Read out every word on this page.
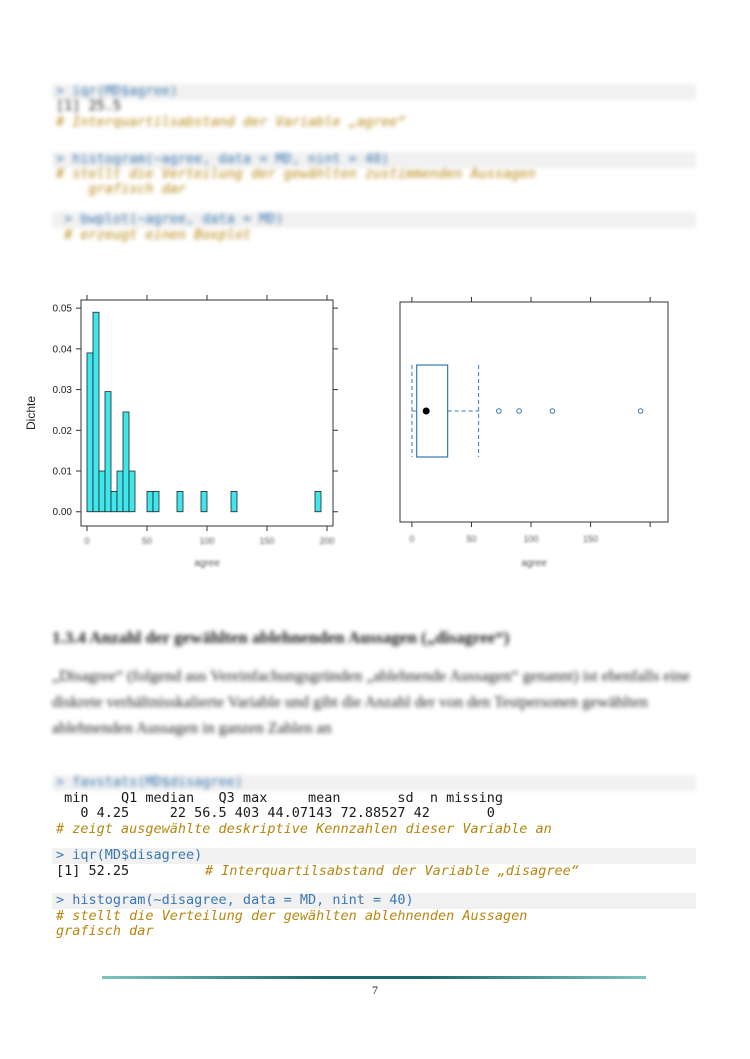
> iqr(MD$agree)
[1] 25.5
# Interquartilsabstand der Variable „agree“
> histogram(~agree, data = MD, nint = 40)
# stellt die Verteilung der gewählten zustimmenden Aussagen
grafisch dar
> bwplot(~agree, data = MD)
# erzeugt einen Boxplot
0.00
0.01
0.02
0.03
0.04
0.05
0	50	100	150	200
agree
Dichte
0	50	100	150
agree
1.3.4 Anzahl der gewählten ablehnenden Aussagen („disagree“)
„Disagree“ (folgend aus Vereinfachungsgründen „ablehnende Aussagen“ genannt) ist ebenfalls eine diskrete verhältnisskalierte Variable und gibt die Anzahl der von den Testpersonen gewählten ablehnenden Aussagen in ganzen Zahlen an
> favstats(MD$disagree)
min    Q1 median   Q3 max     mean       sd  n missing
0 4.25     22 56.5 403 44.07143 72.88527 42       0
# zeigt ausgewählte deskriptive Kennzahlen dieser Variable an
> iqr(MD$disagree)
[1] 52.25	# Interquartilsabstand der Variable „disagree“
> histogram(~disagree, data = MD, nint = 40)
# stellt die Verteilung der gewählten ablehnenden Aussagen
grafisch dar
7
